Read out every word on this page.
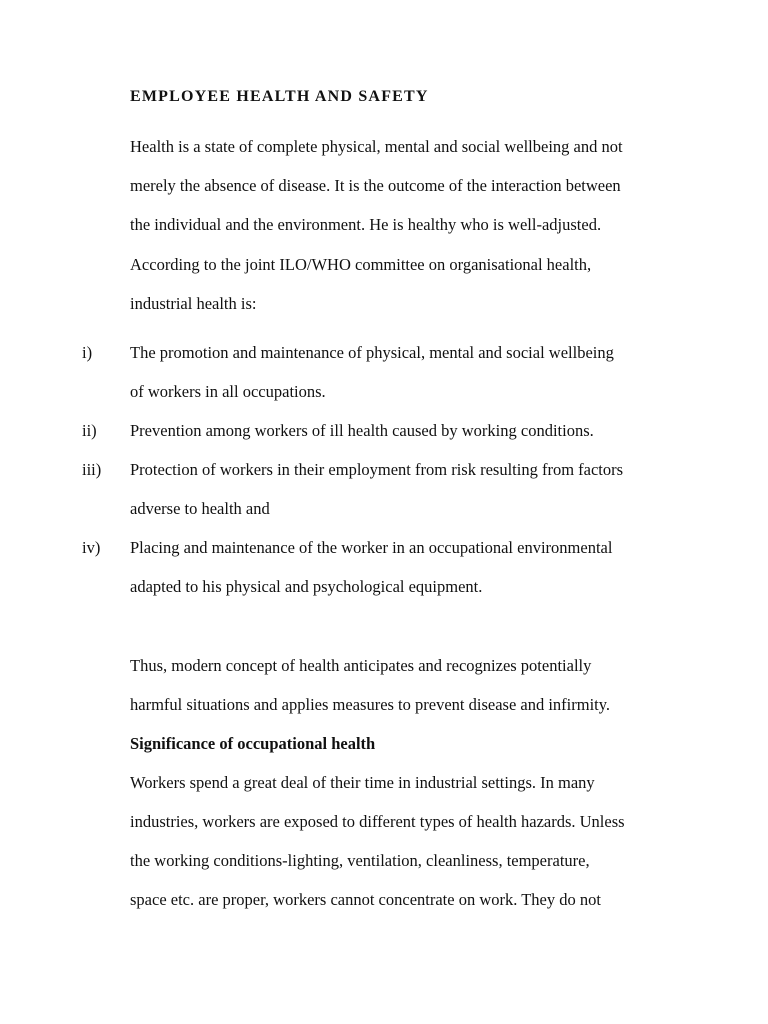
EMPLOYEE HEALTH AND SAFETY
Health is a state of complete physical, mental and social wellbeing and not
merely the absence of disease. It is the outcome of the interaction between
the individual and the environment. He is healthy who is well-adjusted.
According to the joint ILO/WHO committee on organisational health,
industrial health is:
i) The promotion and maintenance of physical, mental and social wellbeing
of workers in all occupations.
ii) Prevention among workers of ill health caused by working conditions.
iii) Protection of workers in their employment from risk resulting from factors
adverse to health and
iv) Placing and maintenance of the worker in an occupational environmental
adapted to his physical and psychological equipment.
Thus, modern concept of health anticipates and recognizes potentially
harmful situations and applies measures to prevent disease and infirmity.
Significance of occupational health
Workers spend a great deal of their time in industrial settings. In many
industries, workers are exposed to different types of health hazards. Unless
the working conditions-lighting, ventilation, cleanliness, temperature,
space etc. are proper, workers cannot concentrate on work. They do not
